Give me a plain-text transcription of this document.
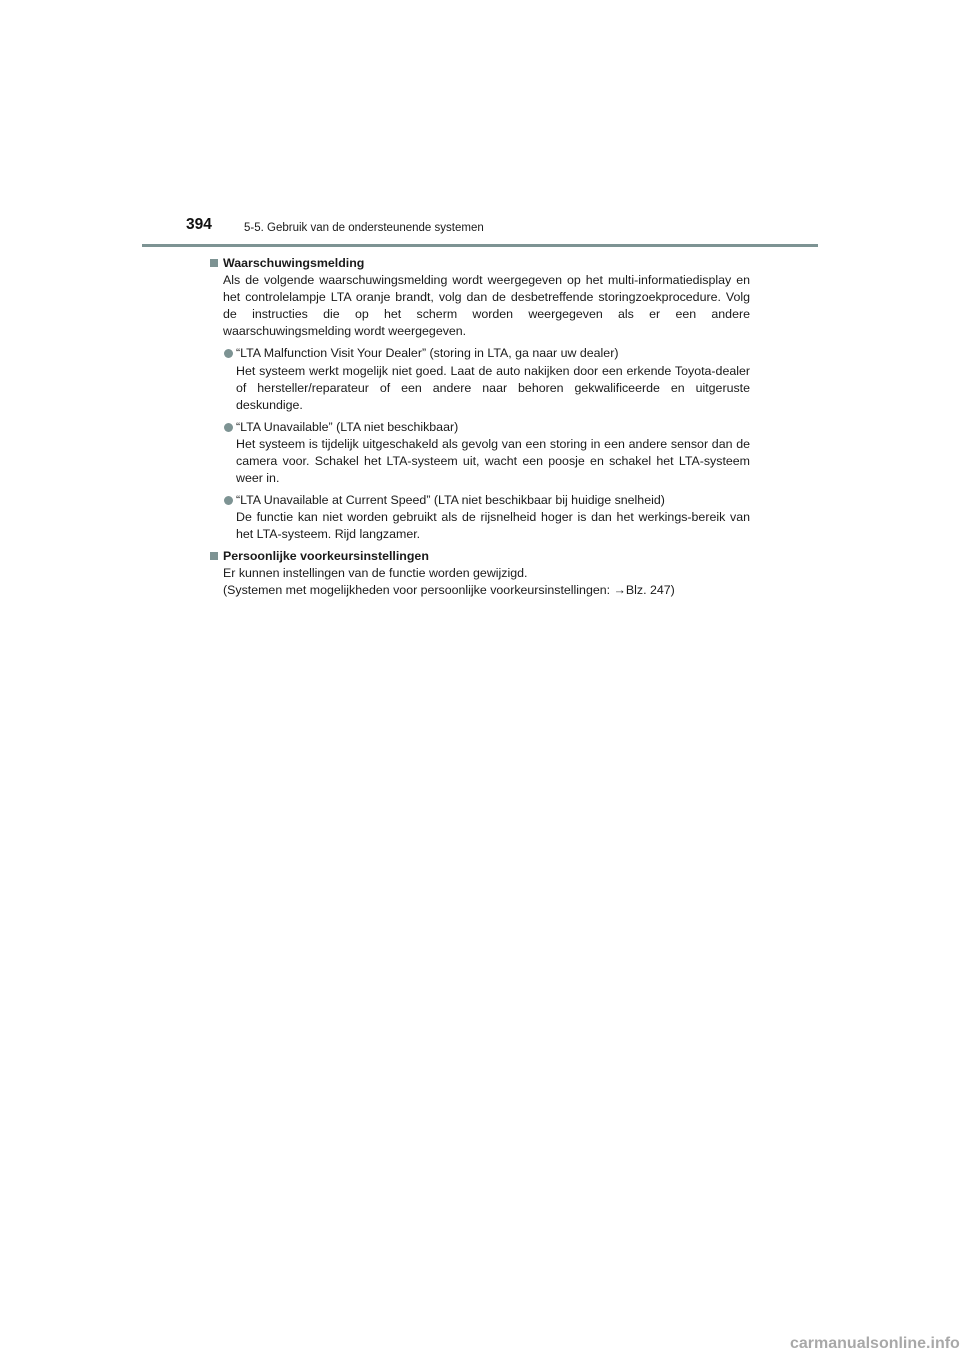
394	5-5. Gebruik van de ondersteunende systemen
Waarschuwingsmelding

Als de volgende waarschuwingsmelding wordt weergegeven op het multi-informatiedisplay en het controlelampje LTA oranje brandt, volg dan de desbetreffende storingzoekprocedure. Volg de instructies die op het scherm worden weergegeven als er een andere waarschuwingsmelding wordt weergegeven.

“LTA Malfunction Visit Your Dealer” (storing in LTA, ga naar uw dealer)

Het systeem werkt mogelijk niet goed. Laat de auto nakijken door een erkende Toyota-dealer of hersteller/reparateur of een andere naar behoren gekwalificeerde en uitgeruste deskundige.

“LTA Unavailable” (LTA niet beschikbaar)

Het systeem is tijdelijk uitgeschakeld als gevolg van een storing in een andere sensor dan de camera voor. Schakel het LTA-systeem uit, wacht een poosje en schakel het LTA-systeem weer in.

“LTA Unavailable at Current Speed” (LTA niet beschikbaar bij huidige snelheid)

De functie kan niet worden gebruikt als de rijsnelheid hoger is dan het werkings-bereik van het LTA-systeem. Rijd langzamer.

Persoonlijke voorkeursinstellingen

Er kunnen instellingen van de functie worden gewijzigd.

(Systemen met mogelijkheden voor persoonlijke voorkeursinstellingen: →Blz. 247)

carmanualsonline.info
